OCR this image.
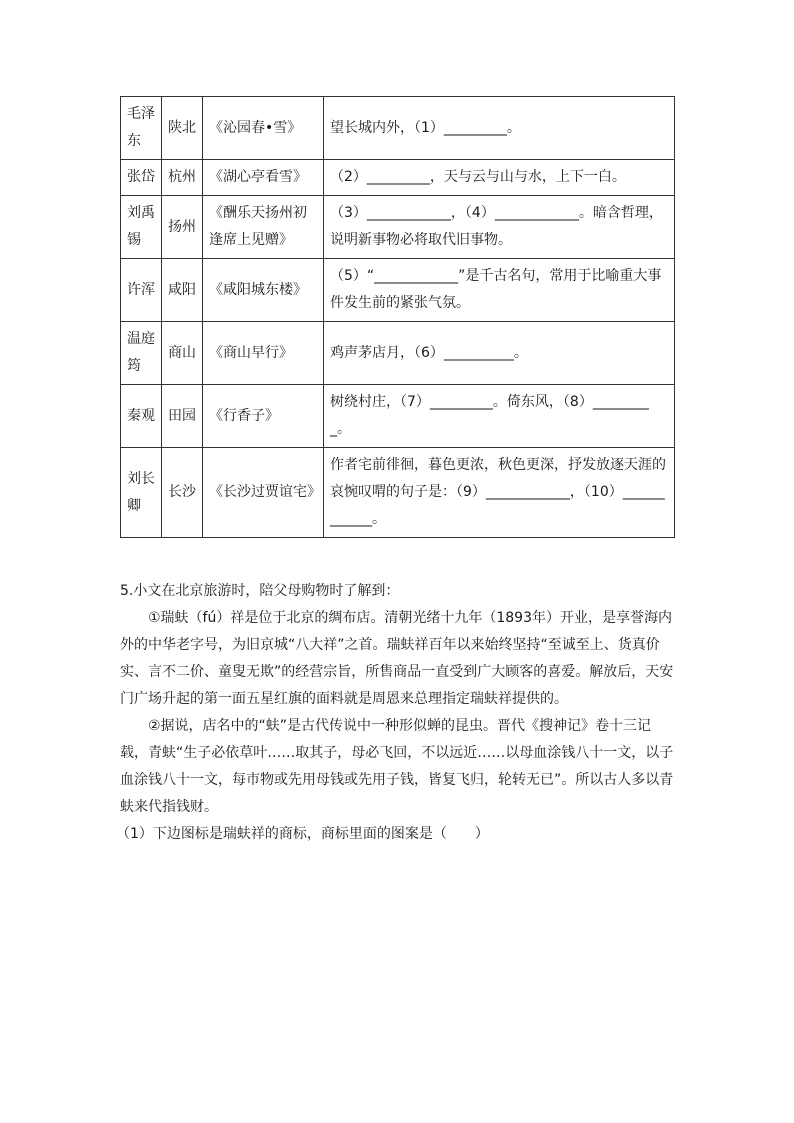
毛泽东	陕北	《沁园春•雪》	望长城内外，（1）_________。
张岱	杭州	《湖心亭看雪》	（2）_________，天与云与山与水，上下一白。
刘禹锡	扬州	《酬乐天扬州初逢席上见赠》	（3）____________，（4）____________。暗含哲理，说明新事物必将取代旧事物。
许浑	咸阳	《咸阳城东楼》	（5）“____________”是千古名句，常用于比喻重大事件发生前的紧张气氛。
温庭筠	商山	《商山早行》	鸡声茅店月，（6）__________。
秦观	田园	《行香子》	树绕村庄，（7）_________。倚东风，（8）_________。
刘长卿	长沙	《长沙过贾谊宅》	作者宅前徘徊，暮色更浓，秋色更深，抒发放逐天涯的哀惋叹喟的句子是：（9）____________，（10）____________。

5.小文在北京旅游时，陪父母购物时了解到：

①瑞蚨（fú）祥是位于北京的绸布店。清朝光绪十九年（1893年）开业，是享誉海内外的中华老字号，为旧京城“八大祥”之首。瑞蚨祥百年以来始终坚持“至诚至上、货真价实、言不二价、童叟无欺”的经营宗旨，所售商品一直受到广大顾客的喜爱。解放后，天安门广场升起的第一面五星红旗的面料就是周恩来总理指定瑞蚨祥提供的。

②据说，店名中的“蚨”是古代传说中一种形似蝉的昆虫。晋代《搜神记》卷十三记载，青蚨“生子必依草叶……取其子，母必飞回，不以远近……以母血涂钱八十一文，以子血涂钱八十一文，每市物或先用母钱或先用子钱，皆复飞归，轮转无已”。所以古人多以青蚨来代指钱财。

（1）下边图标是瑞蚨祥的商标，商标里面的图案是（　　）
